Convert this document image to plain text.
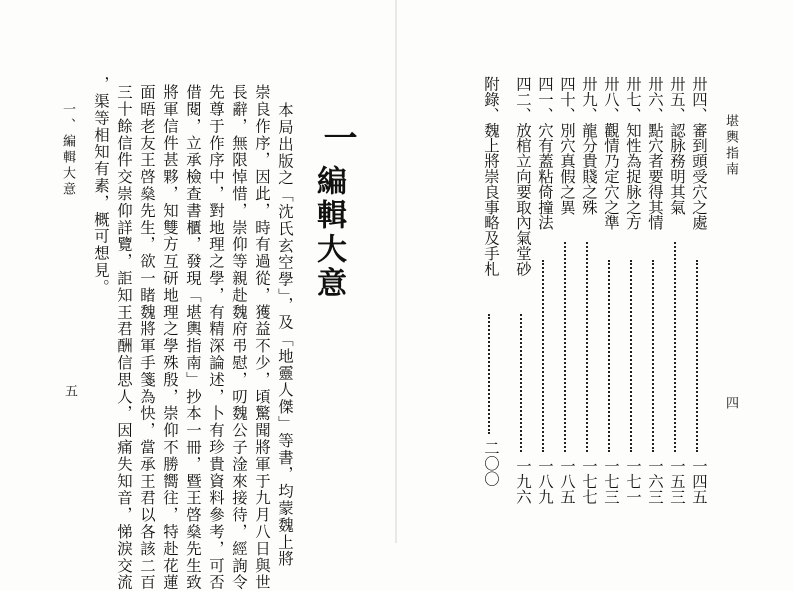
一、編輯大意
五
一
編輯大意
本局出版之「沈氏玄空學」，及「地靈人傑」等書，均蒙魏上將
崇良作序，因此，時有過從，獲益不少，頃驚聞將軍于九月八日與世
長辭，無限悼惜，崇仰等親赴魏府弔慰，叨魏公子淦來接待，經詢令
先尊于作序中，對地理之學，有精深論述，卜有珍貴資料參考，可否
借閱，立承檢查書櫃，發現「堪輿指南」抄本一冊，暨王啓燊先生致
將軍信件甚夥，知雙方互研地理之學殊殷，崇仰不勝嚮往，特赴花蓮
面晤老友王啓燊先生，欲一睹魏將軍手箋為快，當承王君以各該二百
三十餘信件交崇仰詳覽，詎知王君酬信思人，因痛失知音，悌淚交流
，渠等相知有素，概可想見。	堪輿指南
四
卅四、審到頭受穴之處
一四五
卅五、認脉務明其氣
一五三
卅六、點穴者要得其情
一六三
卅七、知性為捉脉之方
一七一
卅八、觀情乃定穴之準
一七三
卅九、龍分貴賤之殊
一七七
四十、別穴真假之異
一八五
四一、穴有蓋粘倚撞法
一八九
四二、放棺立向要取內氣堂砂
一九六
附錄、魏上將崇良事略及手札
二〇〇
